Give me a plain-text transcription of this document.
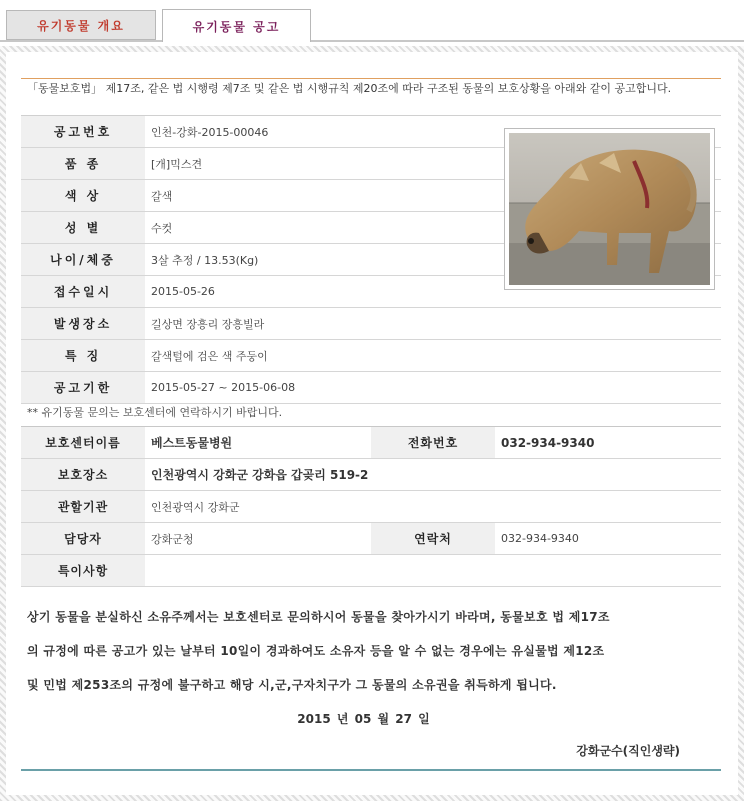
유기동물 개요	유기동물 공고
「동물보호법」 제17조, 같은 법 시행령 제7조 및 같은 법 시행규칙 제20조에 따라 구조된 동물의 보호상황을 아래와 같이 공고합니다.
공고번호	인천-강화-2015-00046
품 종	[개]믹스견
색 상	갈색
성 별	수컷
나이/체중	3살 추정 / 13.53(Kg)
접수일시	2015-05-26
발생장소	길상면 장흥리 장흥빌라
특 징	갈색털에 검은 색 주둥이
공고기한	2015-05-27 ~ 2015-06-08
** 유기동물 문의는 보호센터에 연락하시기 바랍니다.
보호센터이름	베스트동물병원	전화번호	032-934-9340
보호장소	인천광역시 강화군 강화읍 갑곶리 519-2
관할기관	인천광역시 강화군
담당자	강화군청	연락처	032-934-9340
특이사항
상기 동물을 분실하신 소유주께서는 보호센터로 문의하시어 동물을 찾아가시기 바라며, 동물보호 법 제17조
의 규정에 따른 공고가 있는 날부터 10일이 경과하여도 소유자 등을 알 수 없는 경우에는 유실물법 제12조
및 민법 제253조의 규정에 불구하고 해당 시,군,구자치구가 그 동물의 소유권을 취득하게 됩니다.
2015 년 05 월 27 일
강화군수(직인생략)
